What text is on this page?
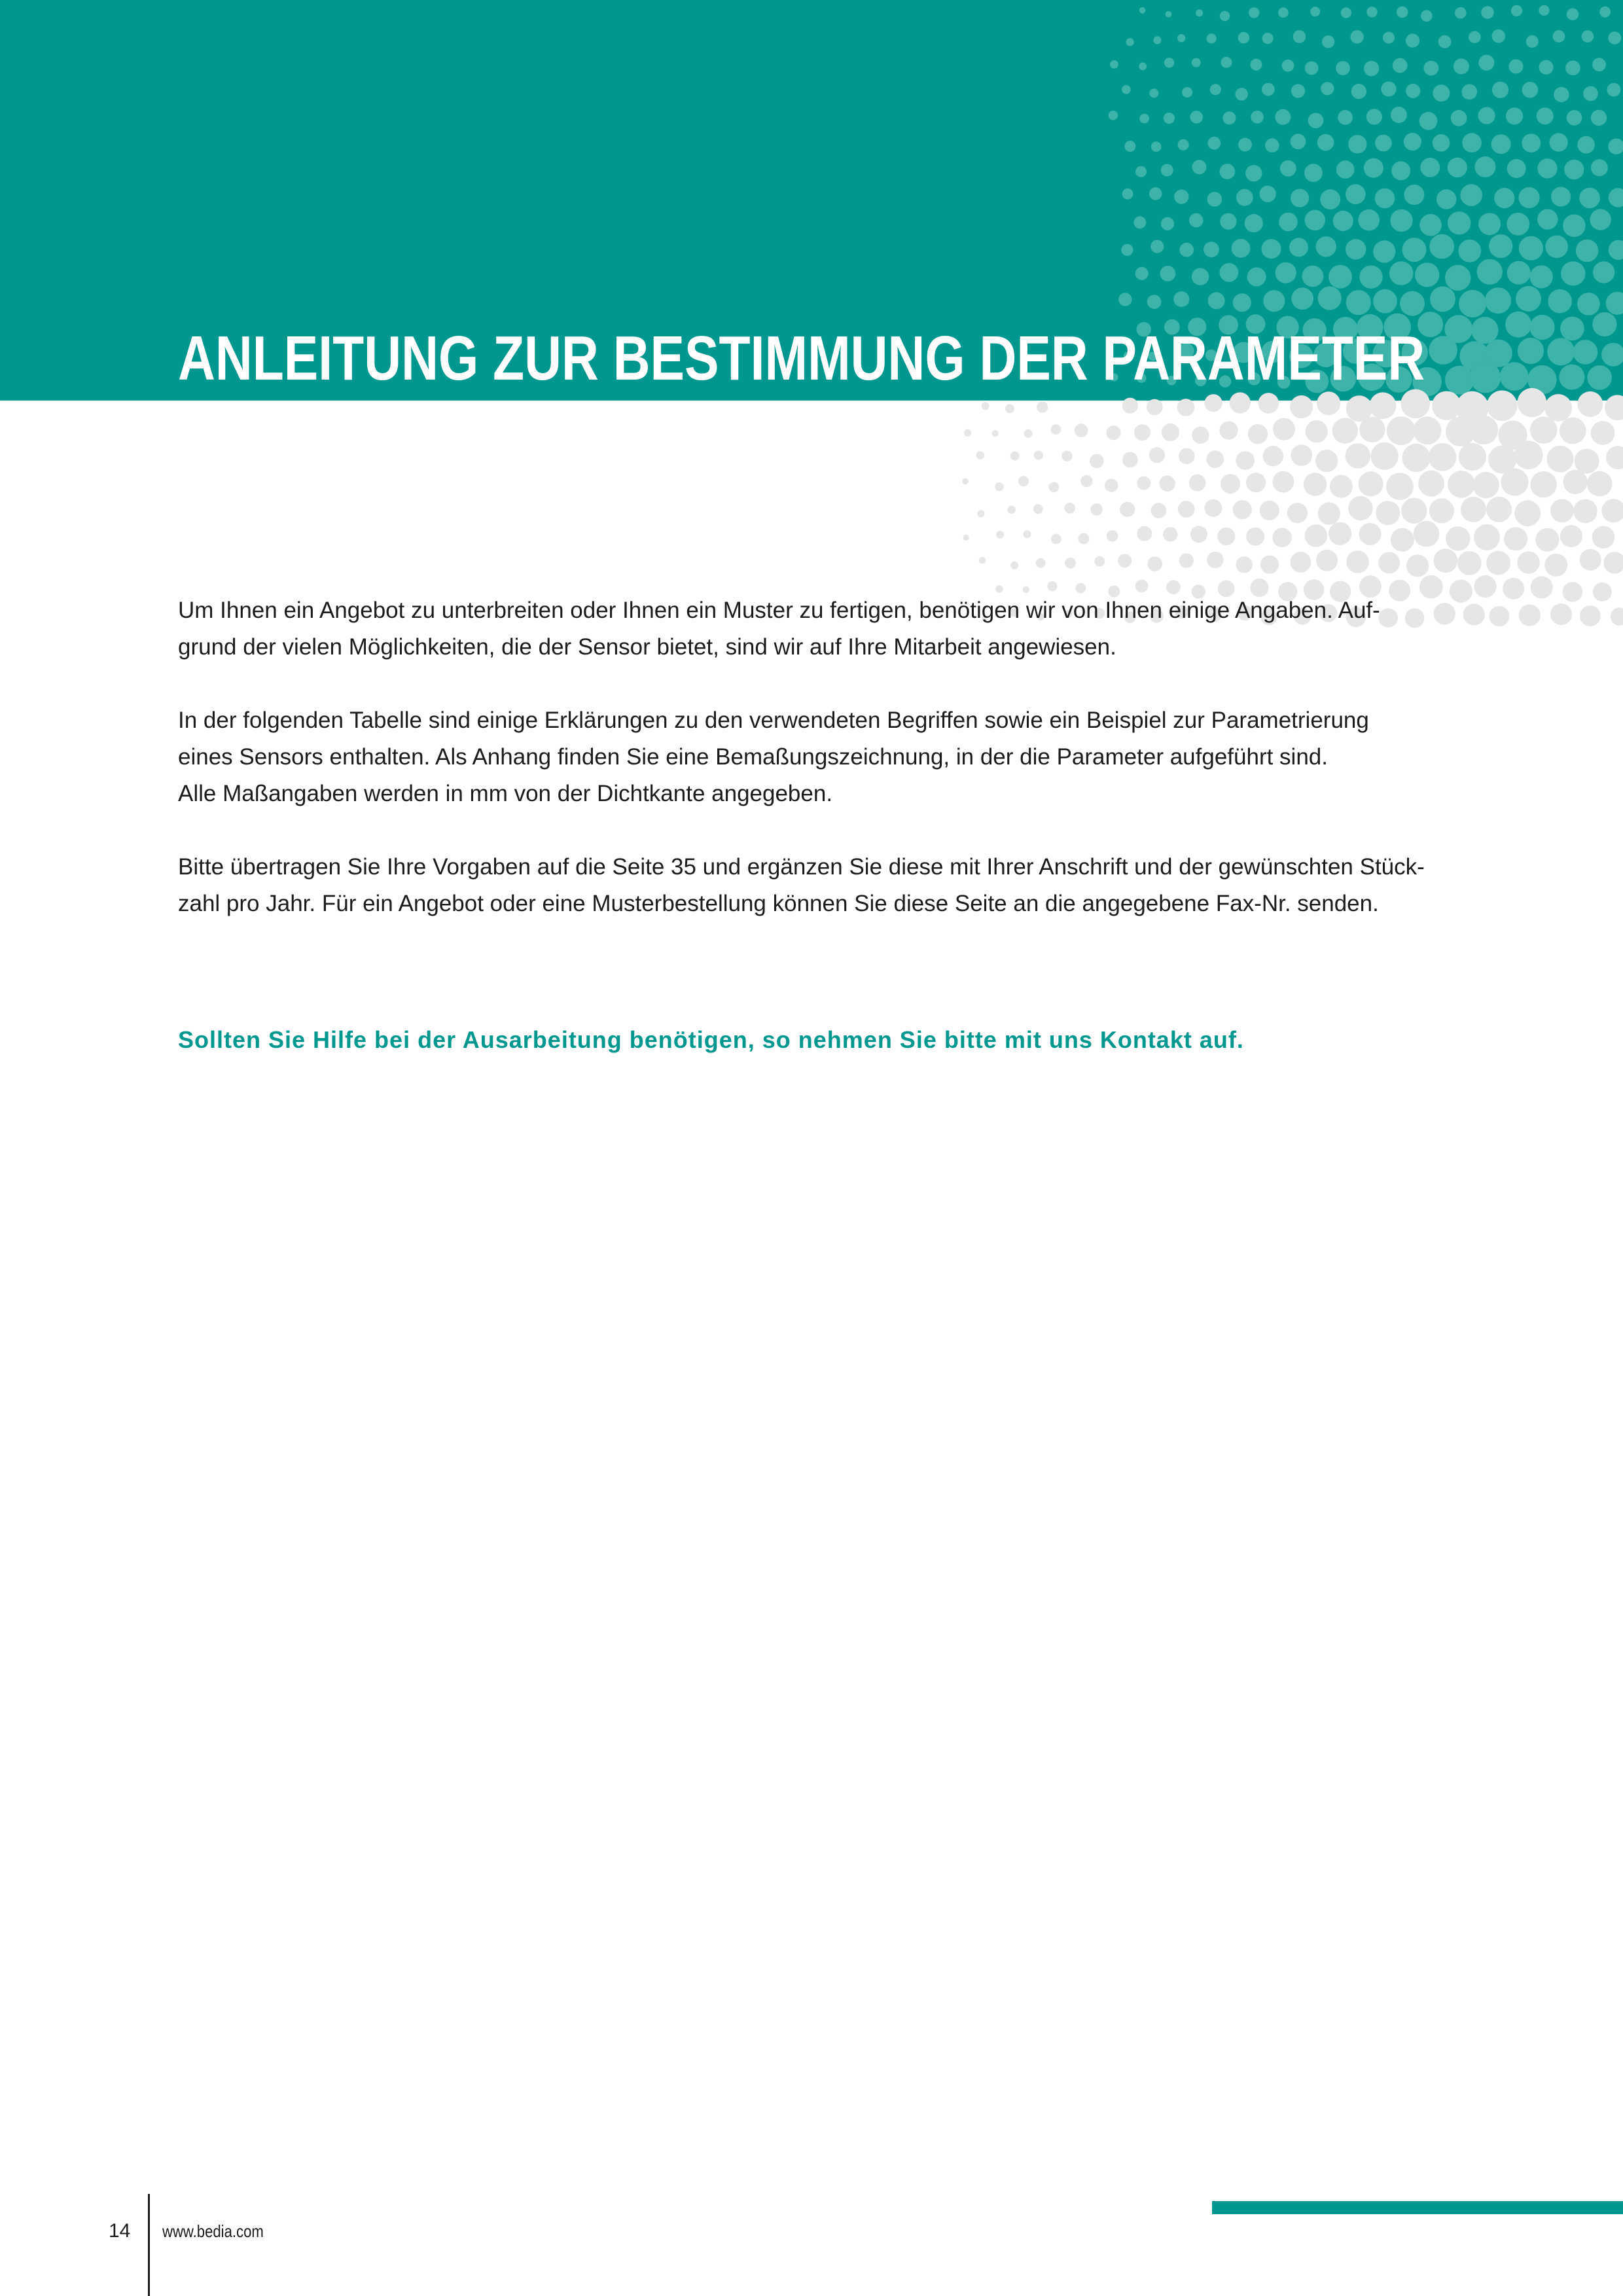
ANLEITUNG ZUR BESTIMMUNG DER PARAMETER

Um Ihnen ein Angebot zu unterbreiten oder Ihnen ein Muster zu fertigen, benötigen wir von Ihnen einige Angaben. Auf-
grund der vielen Möglichkeiten, die der Sensor bietet, sind wir auf Ihre Mitarbeit angewiesen.

In der folgenden Tabelle sind einige Erklärungen zu den verwendeten Begriffen sowie ein Beispiel zur Parametrierung
eines Sensors enthalten. Als Anhang finden Sie eine Bemaßungszeichnung, in der die Parameter aufgeführt sind.
Alle Maßangaben werden in mm von der Dichtkante angegeben.

Bitte übertragen Sie Ihre Vorgaben auf die Seite 35 und ergänzen Sie diese mit Ihrer Anschrift und der gewünschten Stück-
zahl pro Jahr. Für ein Angebot oder eine Musterbestellung können Sie diese Seite an die angegebene Fax-Nr. senden.

Sollten Sie Hilfe bei der Ausarbeitung benötigen, so nehmen Sie bitte mit uns Kontakt auf.

14 www.bedia.com
